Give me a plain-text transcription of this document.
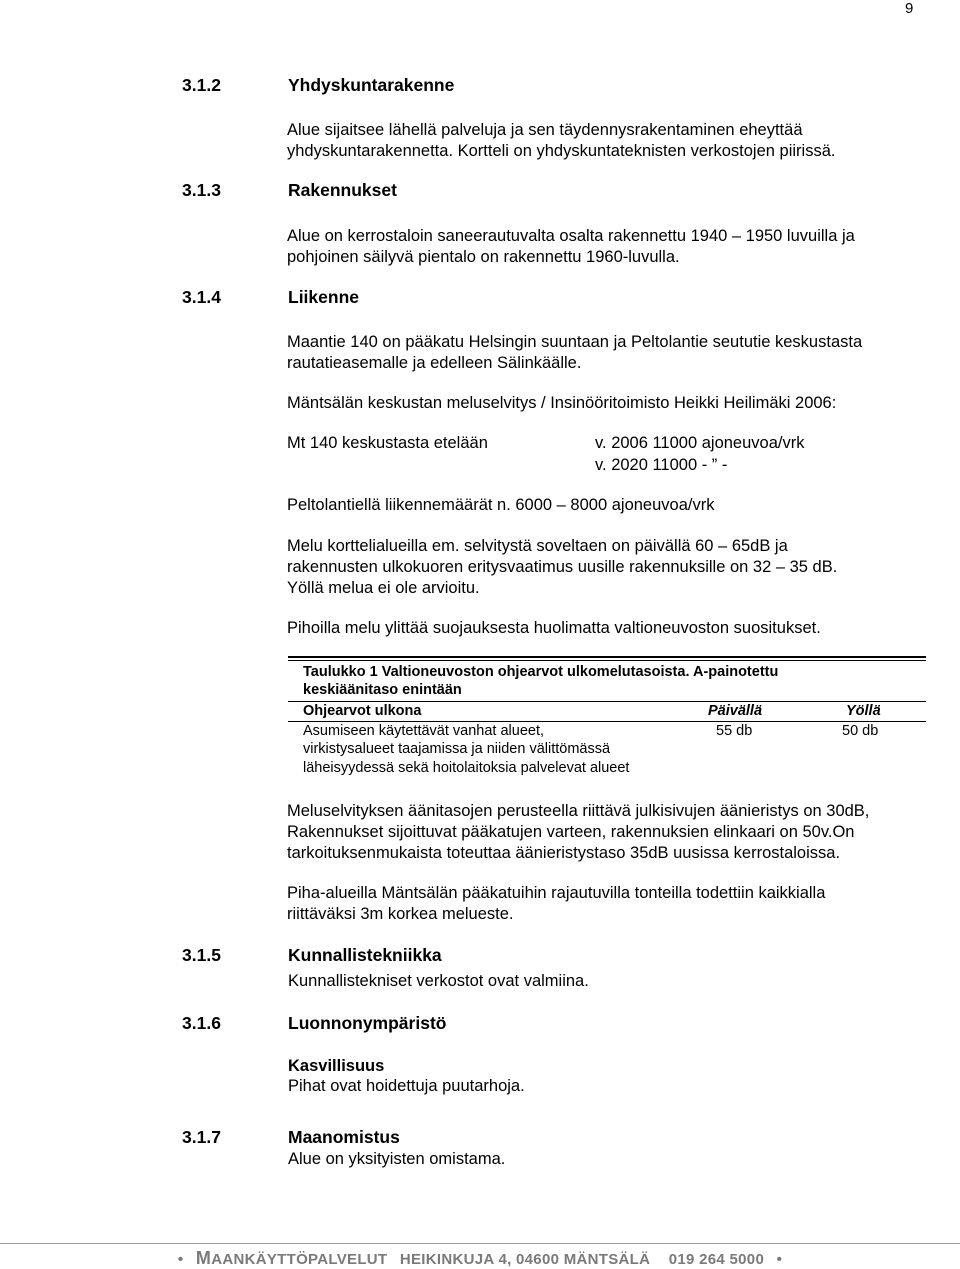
9
3.1.2	Yhdyskuntarakenne
Alue sijaitsee lähellä palveluja ja sen täydennysrakentaminen eheyttää
yhdyskuntarakennetta. Kortteli on yhdyskuntateknisten verkostojen piirissä.
3.1.3	Rakennukset
Alue on kerrostaloin saneerautuvalta osalta rakennettu 1940 – 1950 luvuilla ja
pohjoinen säilyvä pientalo on rakennettu 1960-luvulla.
3.1.4	Liikenne
Maantie 140 on pääkatu Helsingin suuntaan ja Peltolantie seututie keskustasta
rautatieasemalle ja edelleen Sälinkäälle.
Mäntsälän keskustan meluselvitys / Insinööritoimisto Heikki Heilimäki 2006:
Mt 140 keskustasta etelään	v. 2006 11000 ajoneuvoa/vrk
v. 2020 11000 - ” -
Peltolantiellä liikennemäärät n. 6000 – 8000 ajoneuvoa/vrk
Melu korttelialueilla em. selvitystä soveltaen on päivällä 60 – 65dB ja
rakennusten ulkokuoren eritysvaatimus uusille rakennuksille on 32 – 35 dB.
Yöllä melua ei ole arvioitu.
Pihoilla melu ylittää suojauksesta huolimatta valtioneuvoston suositukset.
Taulukko 1 Valtioneuvoston ohjearvot ulkomelutasoista. A-painotettu
keskiäänitaso enintään
Ohjearvot ulkona	Päivällä	Yöllä
Asumiseen käytettävät vanhat alueet,
virkistysalueet taajamissa ja niiden välittömässä
läheisyydessä sekä hoitolaitoksia palvelevat alueet
55 db	50 db
Meluselvityksen äänitasojen perusteella riittävä julkisivujen äänieristys on 30dB,
Rakennukset sijoittuvat pääkatujen varteen, rakennuksien elinkaari on 50v.On
tarkoituksenmukaista toteuttaa äänieristystaso 35dB uusissa kerrostaloissa.
Piha-alueilla Mäntsälän pääkatuihin rajautuvilla tonteilla todettiin kaikkialla
riittäväksi 3m korkea melueste.
3.1.5	Kunnallistekniikka
Kunnallistekniset verkostot ovat valmiina.
3.1.6	Luonnonympäristö
Kasvillisuus
Pihat ovat hoidettuja puutarhoja.
3.1.7	Maanomistus
Alue on yksityisten omistama.
• MAANKÄYTTÖPALVELUT HEIKINKUJA 4, 04600 MÄNTSÄLÄ 019 264 5000 •
